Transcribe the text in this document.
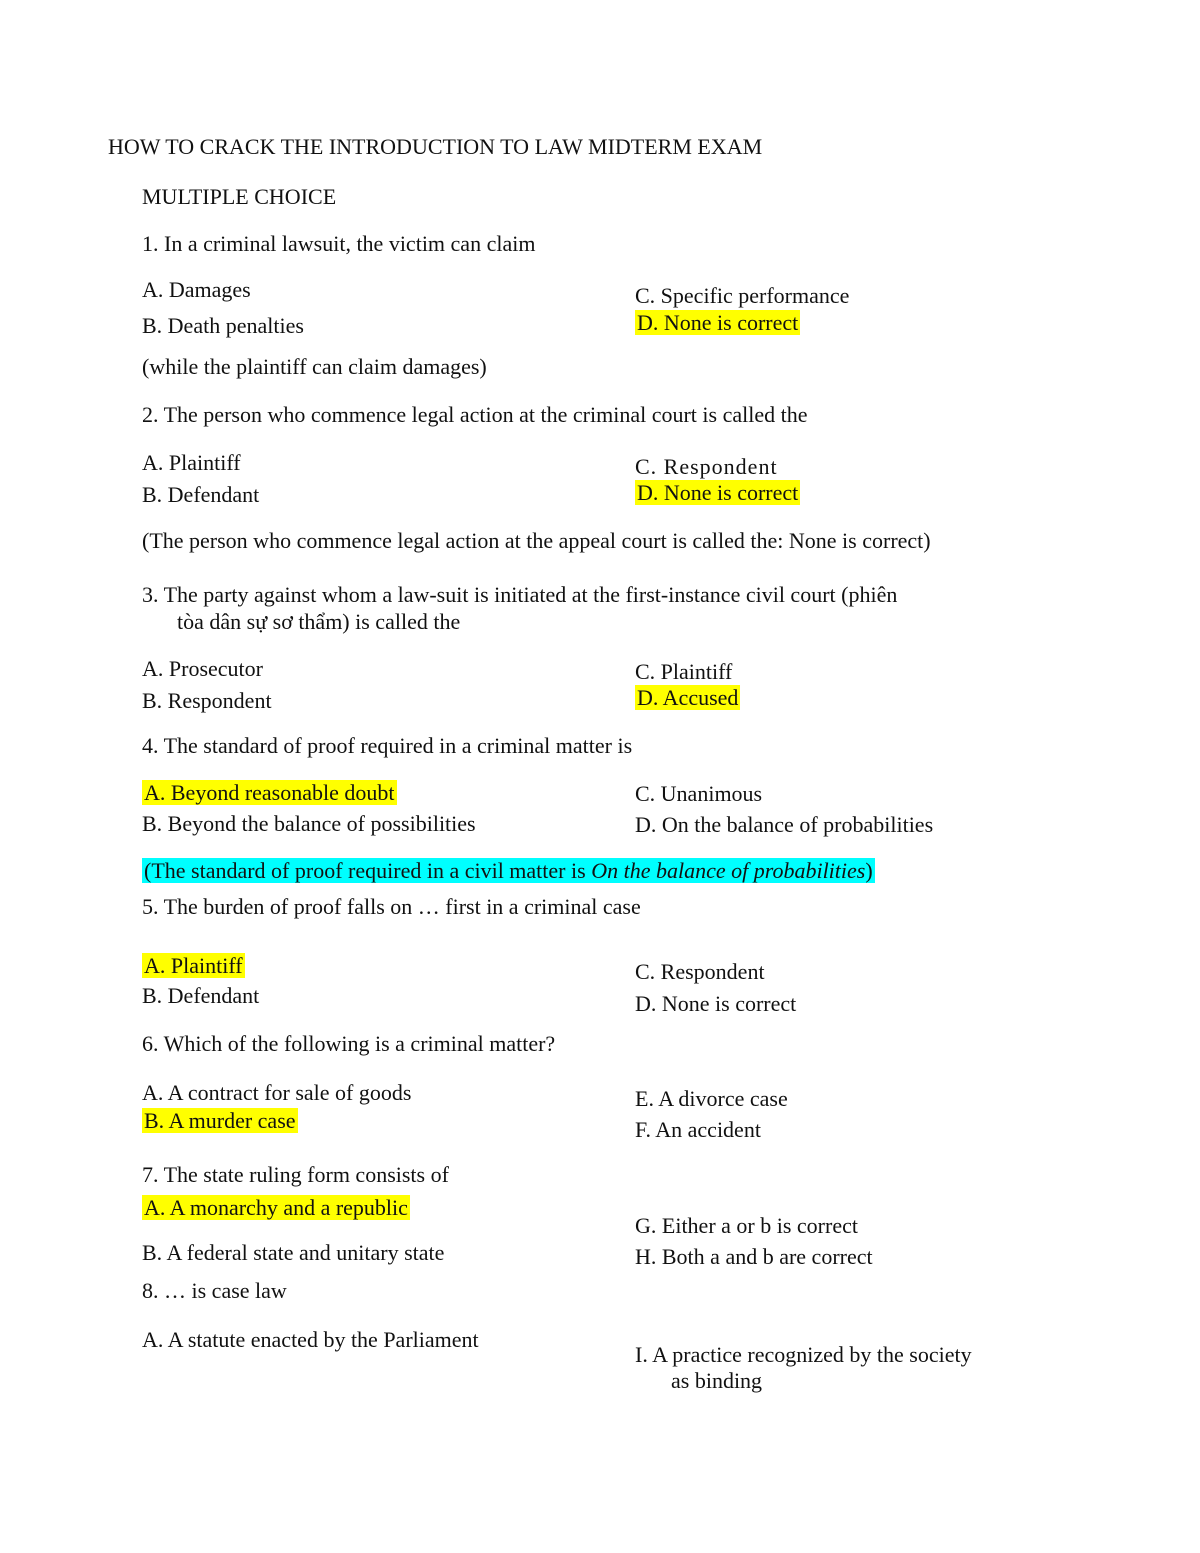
HOW TO CRACK THE INTRODUCTION TO LAW MIDTERM EXAM
MULTIPLE CHOICE
1. In a criminal lawsuit, the victim can claim
A. Damages
B. Death penalties
C. Specific performance
D. None is correct
(while the plaintiff can claim damages)
2. The person who commence legal action at the criminal court is called the
A. Plaintiff
B. Defendant
C. Respondent
D. None is correct
(The person who commence legal action at the appeal court is called the: None is correct)
3. The party against whom a law-suit is initiated at the first-instance civil court (phiên
tòa dân sự sơ thẩm) is called the
A. Prosecutor
B. Respondent
C. Plaintiff
D. Accused
4. The standard of proof required in a criminal matter is
A. Beyond reasonable doubt
B. Beyond the balance of possibilities
C. Unanimous
D. On the balance of probabilities
(The standard of proof required in a civil matter is On the balance of probabilities)
5. The burden of proof falls on … first in a criminal case
A. Plaintiff
B. Defendant
C. Respondent
D. None is correct
6. Which of the following is a criminal matter?
A. A contract for sale of goods
B. A murder case
E. A divorce case
F. An accident
7. The state ruling form consists of
A. A monarchy and a republic
B. A federal state and unitary state
G. Either a or b is correct
H. Both a and b are correct
8. … is case law
A. A statute enacted by the Parliament
I. A practice recognized by the society
as binding
